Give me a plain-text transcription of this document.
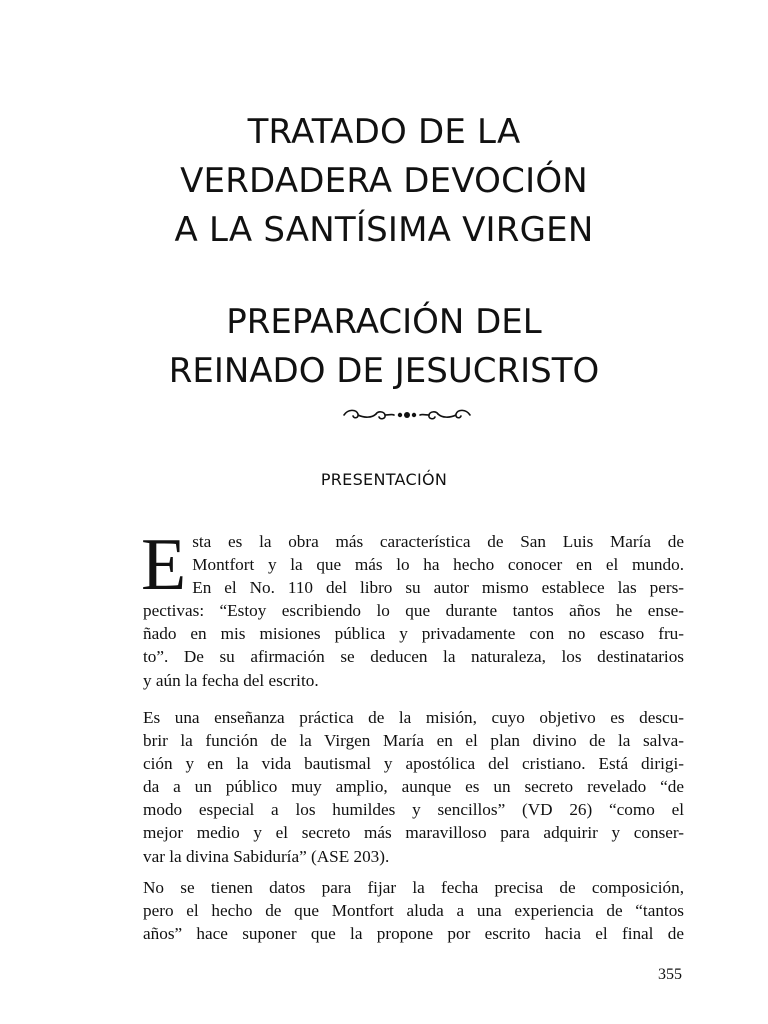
TRATADO DE LA
VERDADERA DEVOCIÓN
A LA SANTÍSIMA VIRGEN
PREPARACIÓN DEL
REINADO DE JESUCRISTO
PRESENTACIÓN
E sta es la obra más característica de San Luis María de
Montfort y la que más lo ha hecho conocer en el mundo.
En el No. 110 del libro su autor mismo establece las pers-
pectivas: “Estoy escribiendo lo que durante tantos años he ense-
ñado en mis misiones pública y privadamente con no escaso fru-
to”. De su afirmación se deducen la naturaleza, los destinatarios
y aún la fecha del escrito.
Es una enseñanza práctica de la misión, cuyo objetivo es descu-
brir la función de la Virgen María en el plan divino de la salva-
ción y en la vida bautismal y apostólica del cristiano. Está dirigi-
da a un público muy amplio, aunque es un secreto revelado “de
modo especial a los humildes y sencillos” (VD 26) “como el
mejor medio y el secreto más maravilloso para adquirir y conser-
var la divina Sabiduría” (ASE 203).
No se tienen datos para fijar la fecha precisa de composición,
pero el hecho de que Montfort aluda a una experiencia de “tantos
años” hace suponer que la propone por escrito hacia el final de
355
